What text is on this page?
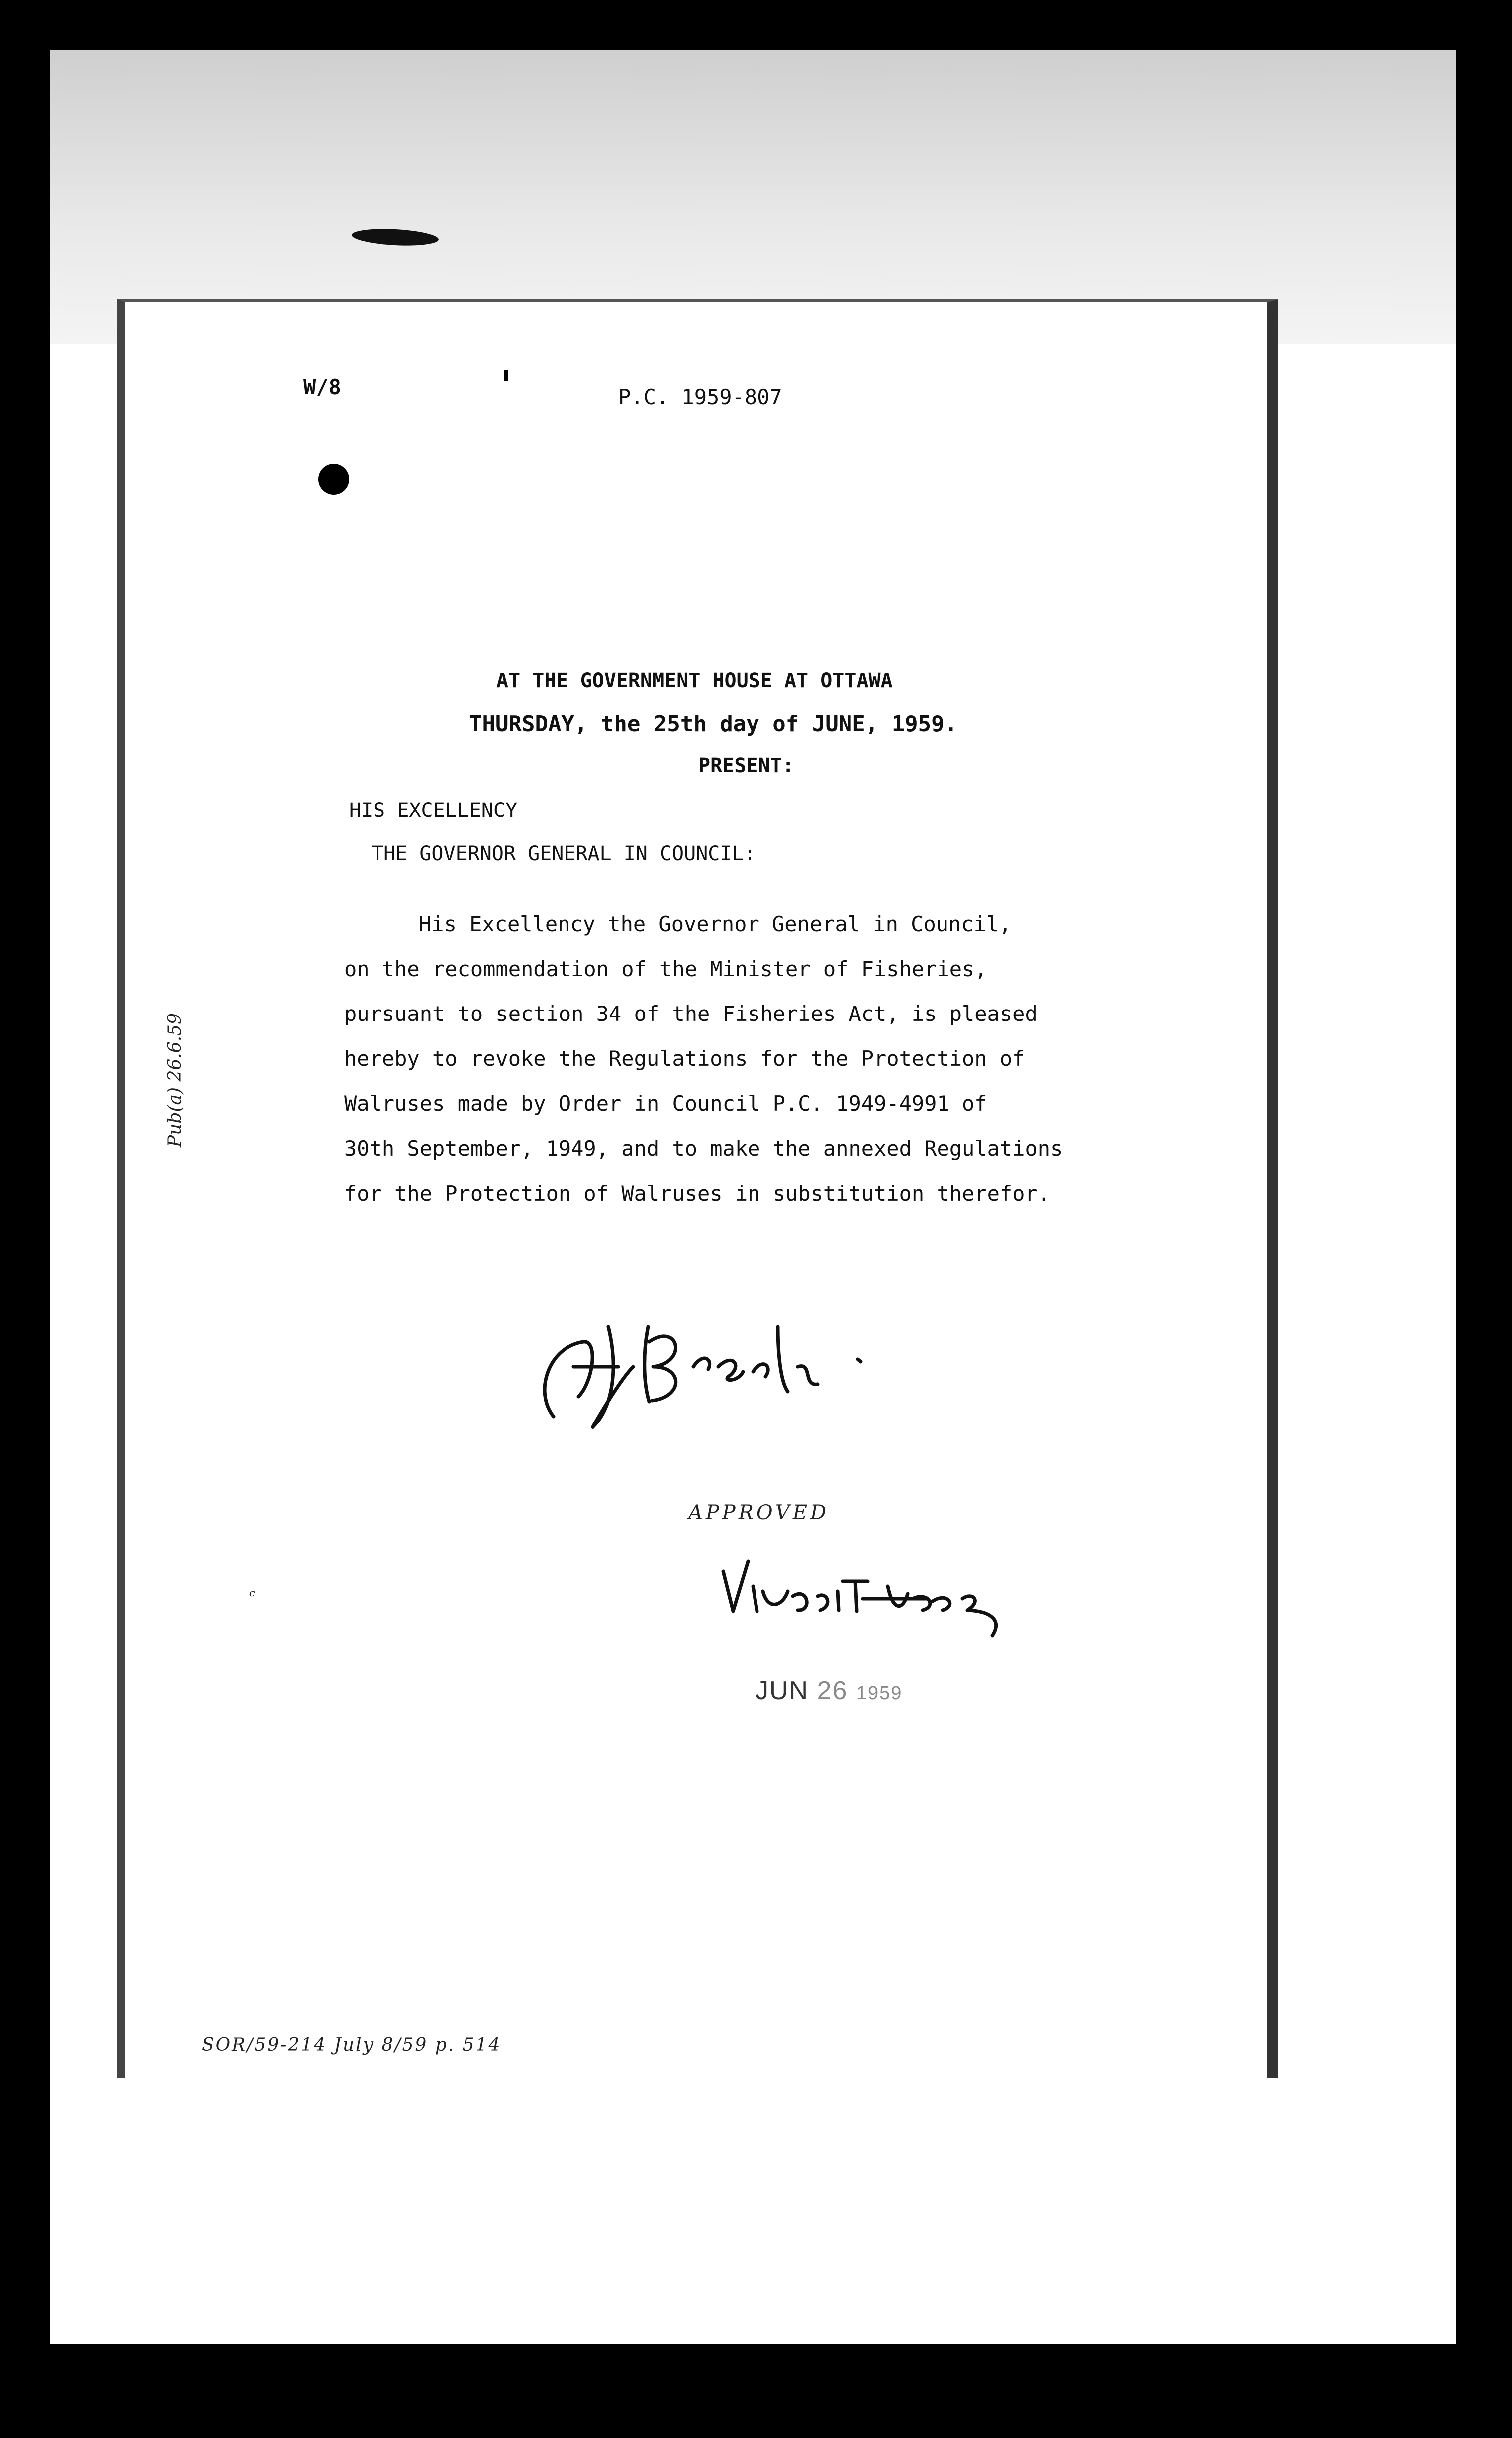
W/8	P.C. 1959-807
AT THE GOVERNMENT HOUSE AT OTTAWA
THURSDAY, the 25th day of JUNE, 1959.
PRESENT:
HIS EXCELLENCY
THE GOVERNOR GENERAL IN COUNCIL:
His Excellency the Governor General in Council,
on the recommendation of the Minister of Fisheries,
pursuant to section 34 of the Fisheries Act, is pleased
hereby to revoke the Regulations for the Protection of
Walruses made by Order in Council P.C. 1949-4991 of
30th September, 1949, and to make the annexed Regulations
for the Protection of Walruses in substitution therefor.
Pub(a) 26.6.59
APPROVED
JUN 26 1959
ᶜ
SOR/59-214 July 8/59 p. 514
